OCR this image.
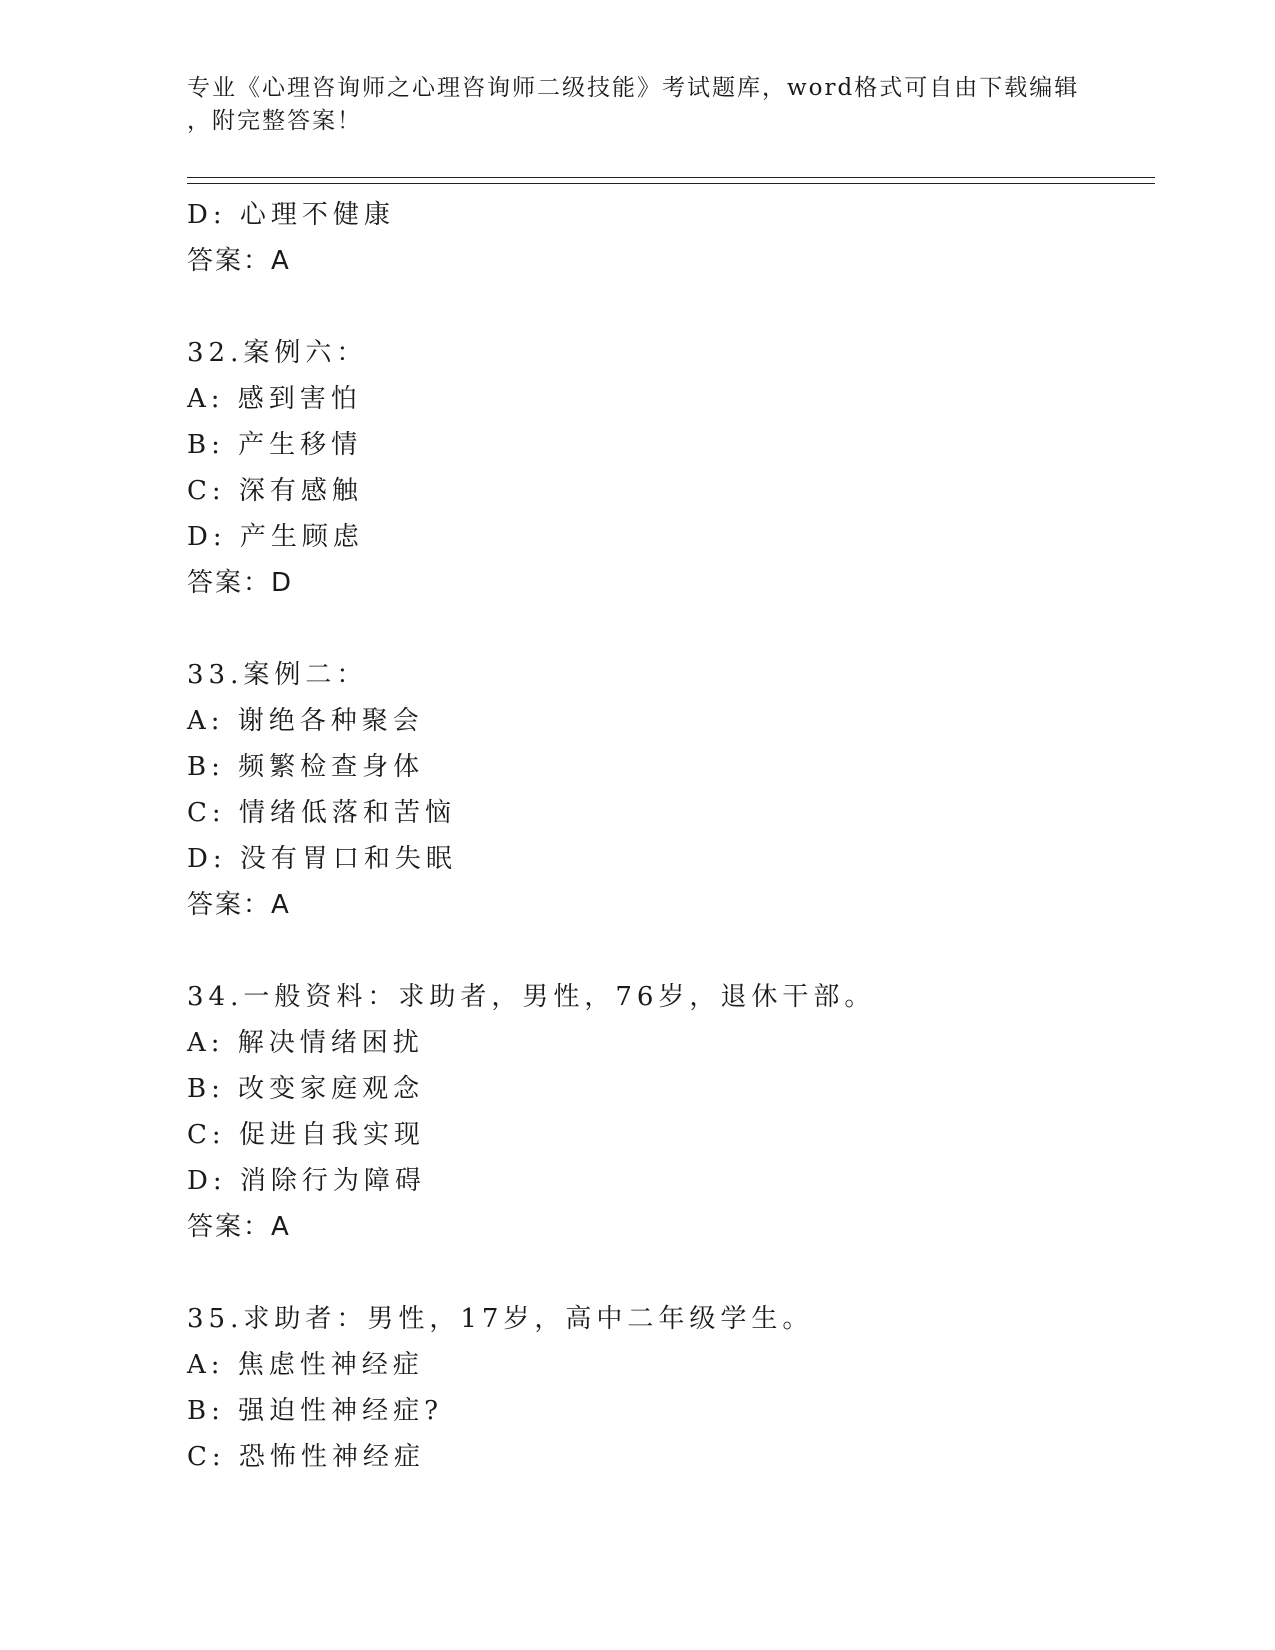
专业《心理咨询师之心理咨询师二级技能》考试题库，word格式可自由下载编辑
，附完整答案！
D: 心理不健康
答案：A
32.案例六：
A: 感到害怕
B: 产生移情
C: 深有感触
D: 产生顾虑
答案：D
33.案例二：
A: 谢绝各种聚会
B: 频繁检查身体
C: 情绪低落和苦恼
D: 没有胃口和失眠
答案：A
34.一般资料：求助者，男性，76岁，退休干部。
A: 解决情绪困扰
B: 改变家庭观念
C: 促进自我实现
D: 消除行为障碍
答案：A
35.求助者：男性，17岁，高中二年级学生。
A: 焦虑性神经症
B: 强迫性神经症?
C: 恐怖性神经症
